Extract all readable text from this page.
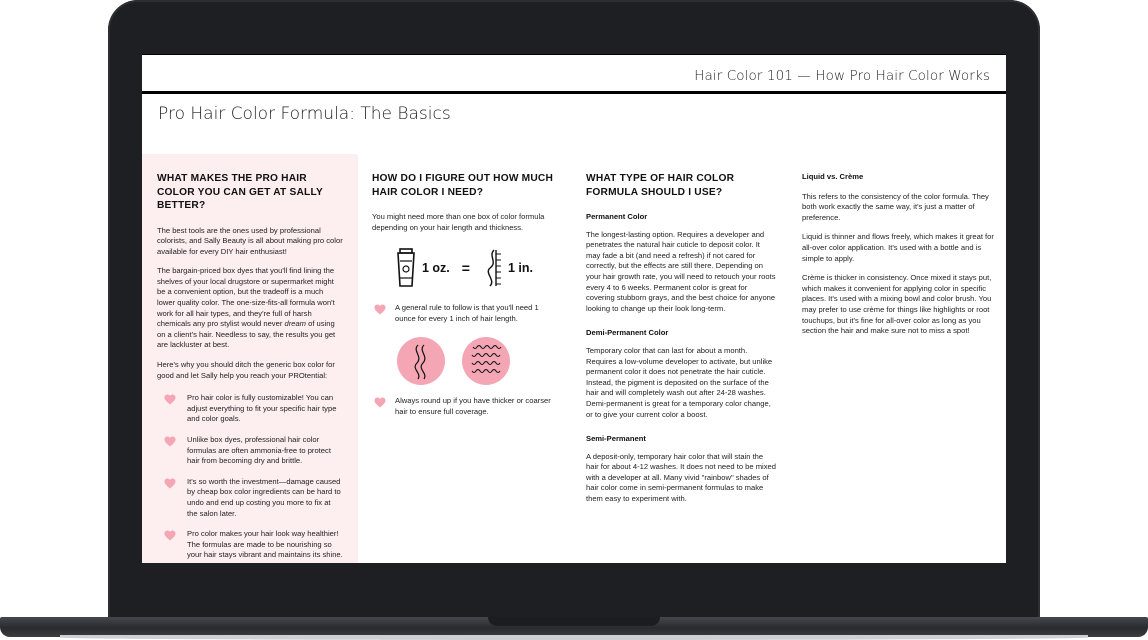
Hair Color 101 — How Pro Hair Color Works
Pro Hair Color Formula: The Basics
WHAT MAKES THE PRO HAIR COLOR YOU CAN GET AT SALLY BETTER?

The best tools are the ones used by professional colorists, and Sally Beauty is all about making pro color available for every DIY hair enthusiast!

The bargain-priced box dyes that you'll find lining the shelves of your local drugstore or supermarket might be a convenient option, but the tradeoff is a much lower quality color. The one-size-fits-all formula won't work for all hair types, and they're full of harsh chemicals any pro stylist would never dream of using on a client's hair. Needless to say, the results you get are lackluster at best.

Here's why you should ditch the generic box color for good and let Sally help you reach your PROtential:

Pro hair color is fully customizable! You can adjust everything to fit your specific hair type and color goals.
Unlike box dyes, professional hair color formulas are often ammonia-free to protect hair from becoming dry and brittle.
It's so worth the investment—damage caused by cheap box color ingredients can be hard to undo and end up costing you more to fix at the salon later.
Pro color makes your hair look way healthier! The formulas are made to be nourishing so your hair stays vibrant and maintains its shine.
HOW DO I FIGURE OUT HOW MUCH HAIR COLOR I NEED?

You might need more than one box of color formula depending on your hair length and thickness.

1 oz. =	1 in.
A general rule to follow is that you'll need 1 ounce for every 1 inch of hair length.
Always round up if you have thicker or coarser hair to ensure full coverage.
WHAT TYPE OF HAIR COLOR FORMULA SHOULD I USE?
Permanent Color

The longest-lasting option. Requires a developer and penetrates the natural hair cuticle to deposit color. It may fade a bit (and need a refresh) if not cared for correctly, but the effects are still there. Depending on your hair growth rate, you will need to retouch your roots every 4 to 6 weeks. Permanent color is great for covering stubborn grays, and the best choice for anyone looking to change up their look long-term.

Demi-Permanent Color

Temporary color that can last for about a month. Requires a low-volume developer to activate, but unlike permanent color it does not penetrate the hair cuticle. Instead, the pigment is deposited on the surface of the hair and will completely wash out after 24-28 washes. Demi-permanent is great for a temporary color change, or to give your current color a boost.

Semi-Permanent

A deposit-only, temporary hair color that will stain the hair for about 4-12 washes. It does not need to be mixed with a developer at all. Many vivid "rainbow" shades of hair color come in semi-permanent formulas to make them easy to experiment with.

Liquid vs. Crème

This refers to the consistency of the color formula. They both work exactly the same way, it's just a matter of preference.

Liquid is thinner and flows freely, which makes it great for all-over color application. It's used with a bottle and is simple to apply.

Crème is thicker in consistency. Once mixed it stays put, which makes it convenient for applying color in specific places. It's used with a mixing bowl and color brush. You may prefer to use crème for things like highlights or root touchups, but it's fine for all-over color as long as you section the hair and make sure not to miss a spot!
